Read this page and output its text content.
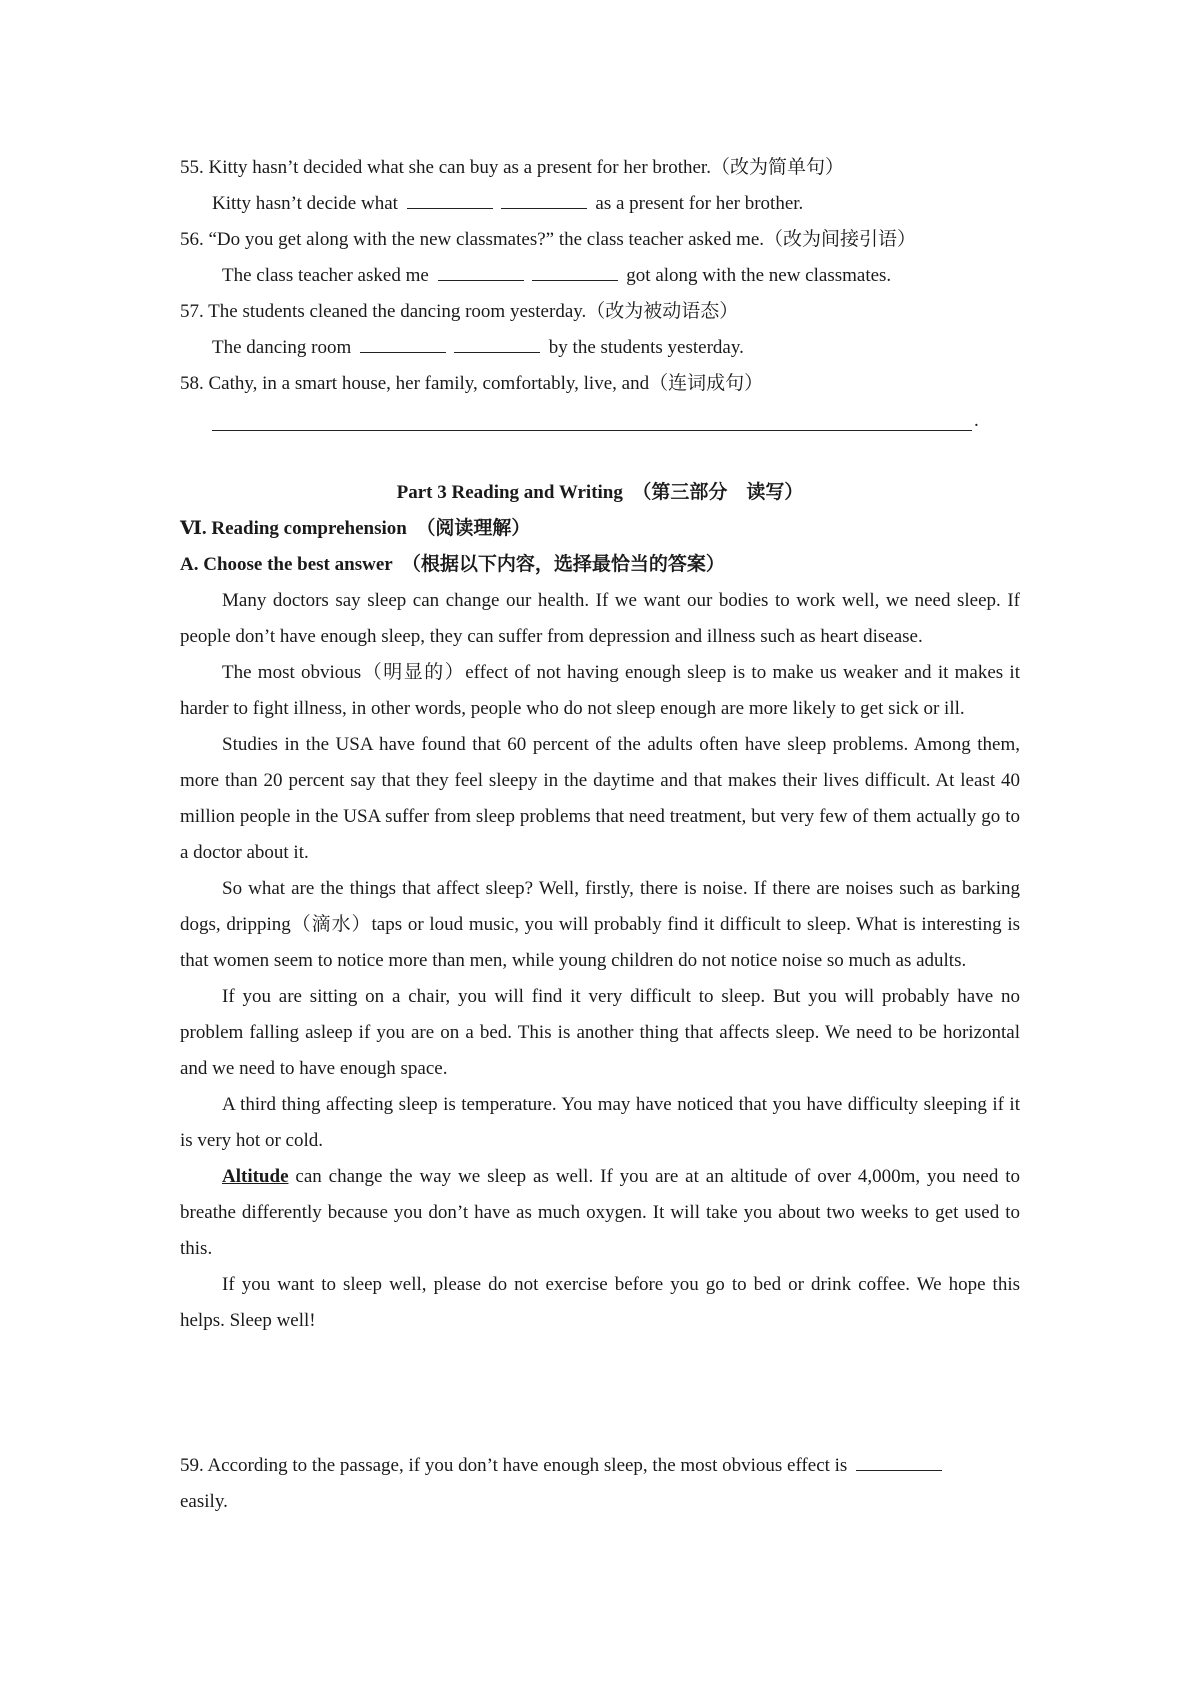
55. Kitty hasn’t decided what she can buy as a present for her brother.（改为简单句）
Kitty hasn’t decide what	as a present for her brother.
56. “Do you get along with the new classmates?” the class teacher asked me.（改为间接引语）
The class teacher asked me	got along with the new classmates.
57. The students cleaned the dancing room yesterday.（改为被动语态）
The dancing room	by the students yesterday.
58. Cathy, in a smart house, her family, comfortably, live, and（连词成句）
.
Part 3 Reading and Writing　（第三部分　读写）
Ⅵ. Reading comprehension　（阅读理解）
A. Choose the best answer　（根据以下内容，选择最恰当的答案）

Many doctors say sleep can change our health. If we want our bodies to work well, we need sleep. If people don’t have enough sleep, they can suffer from depression and illness such as heart disease.

The most obvious（明显的）effect of not having enough sleep is to make us weaker and it makes it harder to fight illness, in other words, people who do not sleep enough are more likely to get sick or ill.

Studies in the USA have found that 60 percent of the adults often have sleep problems. Among them, more than 20 percent say that they feel sleepy in the daytime and that makes their lives difficult. At least 40 million people in the USA suffer from sleep problems that need treatment, but very few of them actually go to a doctor about it.

So what are the things that affect sleep? Well, firstly, there is noise. If there are noises such as barking dogs, dripping（滴水）taps or loud music, you will probably find it difficult to sleep. What is interesting is that women seem to notice more than men, while young children do not notice noise so much as adults.

If you are sitting on a chair, you will find it very difficult to sleep. But you will probably have no problem falling asleep if you are on a bed. This is another thing that affects sleep. We need to be horizontal and we need to have enough space.

A third thing affecting sleep is temperature. You may have noticed that you have difficulty sleeping if it is very hot or cold.

Altitude can change the way we sleep as well. If you are at an altitude of over 4,000m, you need to breathe differently because you don’t have as much oxygen. It will take you about two weeks to get used to this.

If you want to sleep well, please do not exercise before you go to bed or drink coffee. We hope this helps. Sleep well!

59. According to the passage, if you don’t have enough sleep, the most obvious effect is
easily.
